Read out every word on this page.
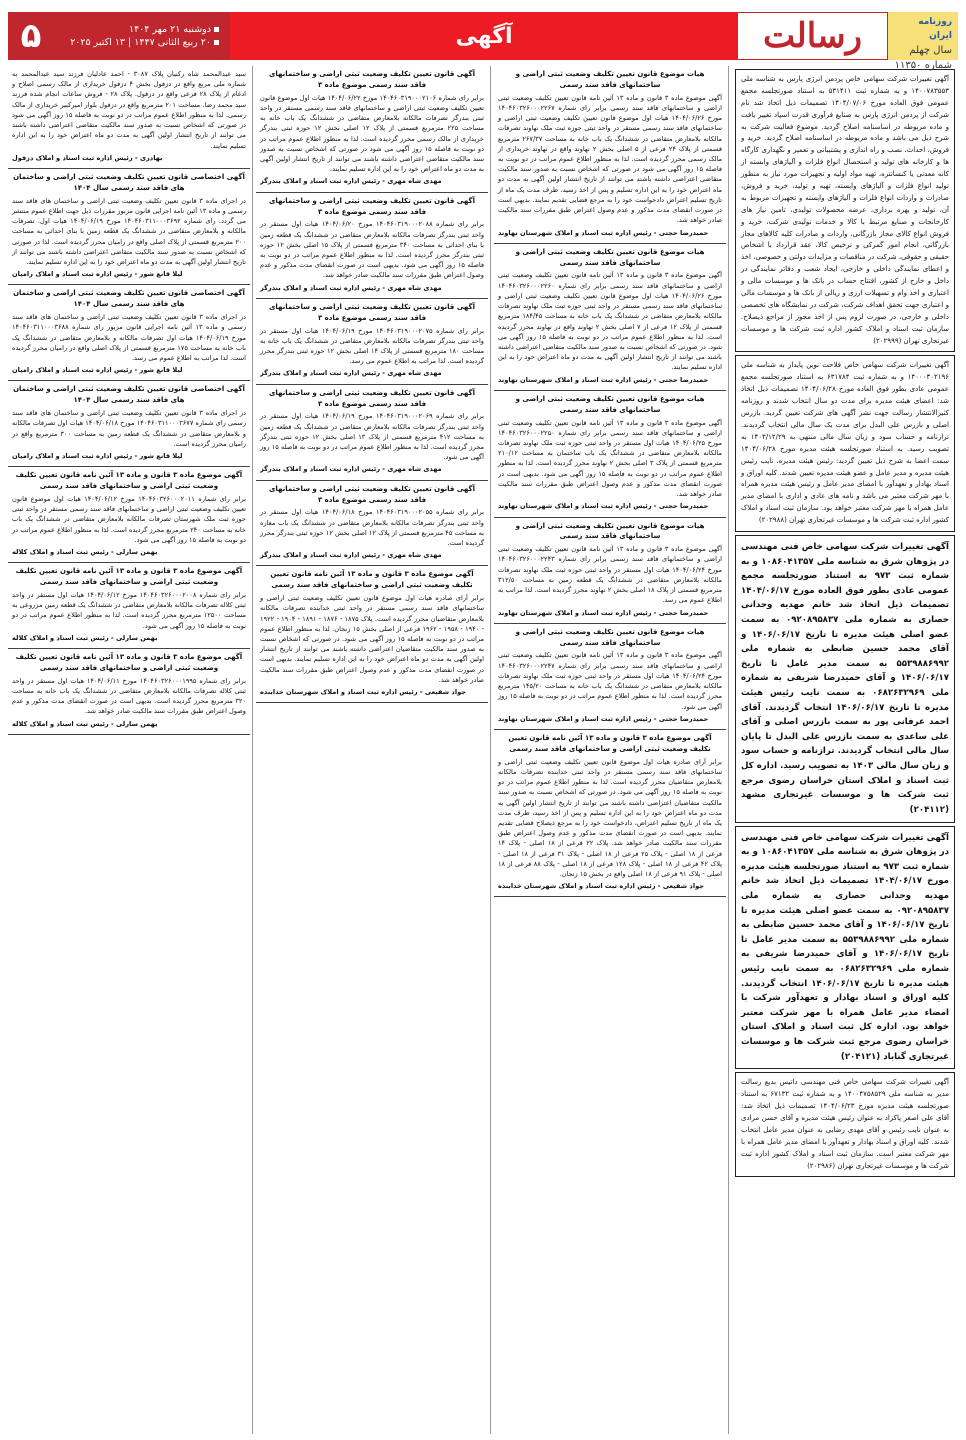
۵	دوشنبه ۲۱ مهر ۱۴۰۴
۲۰ ربیع الثانی ۱۴۴۷ | ۱۳ اکتبر ۲۰۲۵	آگهی	رسالت	روزنامه ایران
سال چهلم
شماره ۱۱۳۵۰
آگهی تغییرات شرکت سهامی خاص پردمن انرژی پارس به شناسه ملی ۱۴۰۰۷۸۳۵۵۳ و به شماره ثبت ۵۳۱۴۱۱ به استناد صورتجلسه مجمع عمومی فوق العاده مورخ ۱۴۰۴/۰۷/۰۶ تصمیمات ذیل اتخاذ شد نام شرکت از پردمن انرژی پارس به صنایع فرآوری قدرت اسپاد تغییر یافت و ماده مربوطه در اساسنامه اصلاح گردید. موضوع فعالیت شرکت به شرح ذیل می باشد و ماده مربوطه در اساسنامه اصلاح گردید. خرید و فروش، احداث، نصب و راه اندازی و پشتیبانی و تعمیر و نگهداری کارگاه ها و کارخانه های تولید و استحصال انواع فلزات و آلیاژهای وابسته از کانه معدنی یا کنسانتره، تهیه مواد اولیه و تجهیزات مورد نیاز به منظور تولید انواع فلزات و آلیاژهای وابسته، تهیه و تولید، خرید و فروش، صادرات و واردات انواع فلزات و آلیاژهای وابسته و تجهیزات مربوط به آن، تولید و بهره برداری، عرضه محصولات تولیدی، تامین نیاز های کارخانجات و صنایع مرتبط با کالا و خدمات تولیدی شرکت، خرید و فروش انواع کالای مجاز بازرگانی، واردات و صادرات کلیه کالاهای مجاز بازرگانی، انجام امور گمرکی و ترخیص کالا، عقد قرارداد با اشخاص حقیقی و حقوقی، شرکت در مناقصات و مزایدات دولتی و خصوصی، اخذ و اعطای نمایندگی داخلی و خارجی، ایجاد شعب و دفاتر نمایندگی در داخل و خارج از کشور، افتتاح حساب در بانک ها و موسسات مالی و اعتباری و اخذ وام و تسهیلات ارزی و ریالی از بانک ها و موسسات مالی و اعتباری جهت تحقق اهداف شرکت، شرکت در نمایشگاه های تخصصی داخلی و خارجی، در صورت لزوم پس از اخذ مجوز از مراجع ذیصلاح. سازمان ثبت اسناد و املاک کشور اداره ثبت شرکت ها و موسسات غیرتجاری تهران (۲۰۲۹۹۹)
آگهی تغییرات شرکت سهامی خاص فلاحت نوین پایدار به شناسه ملی ۱۴۰۰۰۳۰۲۱۹۶ و به شماره ثبت ۶۳۱۷۸۴ به استناد صورتجلسه مجمع عمومی عادی بطور فوق العاده مورخ ۱۴۰۴/۰۶/۲۸ تصمیمات ذیل اتخاذ شد: اعضای هیئت مدیره برای مدت دو سال انتخاب شدند و روزنامه کثیرالانتشار رسالت جهت نشر آگهی های شرکت تعیین گردید. بازرس اصلی و بازرس علی البدل برای مدت یک سال مالی انتخاب گردیدند. ترازنامه و حساب سود و زیان سال مالی منتهی به ۱۴۰۳/۱۲/۲۹ به تصویب رسید. به استناد صورتجلسه هیئت مدیره مورخ ۱۴۰۴/۰۶/۲۸ سمت اعضا به شرح ذیل تعیین گردید: رئیس هیئت مدیره، نایب رئیس هیئت مدیره و مدیر عامل و عضو هیئت مدیره تعیین شدند. کلیه اوراق و اسناد بهادار و تعهدآور با امضای مدیر عامل و رئیس هیئت مدیره همراه با مهر شرکت معتبر می باشد و نامه های عادی و اداری با امضای مدیر عامل همراه با مهر شرکت معتبر خواهد بود. سازمان ثبت اسناد و املاک کشور اداره ثبت شرکت ها و موسسات غیرتجاری تهران (۲۰۲۹۸۸)
آگهی تغییرات شرکت سهامی خاص فنی مهندسی در پژوهان شرق به شناسه ملی ۱۰۸۶۰۴۱۳۵۷ و به شماره ثبت ۹۷۳ به استناد صورتجلسه مجمع عمومی عادی بطور فوق العاده مورخ ۱۴۰۴/۰۶/۱۷ تصمیمات ذیل اتخاذ شد خانم مهدیه وحدانی حصاری به شماره ملی ۰۹۲۰۸۹۵۸۳۷ به سمت عضو اصلی هیئت مدیره تا تاریخ ۱۴۰۶/۰۶/۱۷ و آقای محمد حسین ضابطی به شماره ملی ۵۵۳۹۸۸۶۹۹۲ به سمت مدیر عامل تا تاریخ ۱۴۰۶/۰۶/۱۷ و آقای حمیدرضا شریفی به شماره ملی ۰۶۸۲۶۳۲۹۶۹ به سمت نایب رئیس هیئت مدیره تا تاریخ ۱۴۰۶/۰۶/۱۷ انتخاب گردیدند. آقای احمد عرفانی پور به سمت بازرس اصلی و آقای علی ساعدی به سمت بازرس علی البدل تا پایان سال مالی انتخاب گردیدند. ترازنامه و حساب سود و زیان سال مالی ۱۴۰۳ به تصویب رسید. اداره کل ثبت اسناد و املاک استان خراسان رضوی مرجع ثبت شرکت ها و موسسات غیرتجاری مشهد (۲۰۴۱۱۲)
آگهی تغییرات شرکت سهامی خاص فنی مهندسی در پژوهان شرق به شناسه ملی ۱۰۸۶۰۴۱۳۵۷ و به شماره ثبت ۹۷۳ به استناد صورتجلسه هیئت مدیره مورخ ۱۴۰۴/۰۶/۱۷ تصمیمات ذیل اتخاذ شد خانم مهدیه وحدانی حصاری به شماره ملی ۰۹۲۰۸۹۵۸۳۷ به سمت عضو اصلی هیئت مدیره تا تاریخ ۱۴۰۶/۰۶/۱۷ و آقای محمد حسین ضابطی به شماره ملی ۵۵۳۹۸۸۶۹۹۲ به سمت مدیر عامل تا تاریخ ۱۴۰۶/۰۶/۱۷ و آقای حمیدرضا شریفی به شماره ملی ۰۶۸۲۶۳۲۹۶۹ به سمت نایب رئیس هیئت مدیره تا تاریخ ۱۴۰۶/۰۶/۱۷ انتخاب گردیدند. کلیه اوراق و اسناد بهادار و تعهدآور شرکت با امضاء مدیر عامل همراه با مهر شرکت معتبر خواهد بود. اداره کل ثبت اسناد و املاک استان خراسان رضوی مرجع ثبت شرکت ها و موسسات غیرتجاری گناباد (۲۰۴۱۲۱)
آگهی تغییرات شرکت سهامی خاص فنی مهندسی داتیس بدیع رسالت مدیر به شناسه ملی ۱۴۰۰۴۷۵۸۵۲۹ و به شماره ثبت ۶۷۱۳۲ به استناد صورتجلسه هیئت مدیره مورخ ۱۴۰۴/۰۶/۲۳ تصمیمات ذیل اتخاذ شد: آقای علی اصغر پاکزاد به عنوان رئیس هیئت مدیره و آقای حسن مرادی به عنوان نایب رئیس و آقای مهدی رضایی به عنوان مدیر عامل انتخاب شدند. کلیه اوراق و اسناد بهادار و تعهدآور با امضای مدیر عامل همراه با مهر شرکت معتبر است. سازمان ثبت اسناد و املاک کشور اداره ثبت شرکت ها و موسسات غیرتجاری تهران (۲۰۲۹۸۶)
هیات موضوع قانون تعیین تکلیف وضعیت ثبتی اراضی و ساختمانهای فاقد سند رسمی
آگهی موضوع ماده ۳ قانون و ماده ۱۳ آئین نامه قانون تعیین تکلیف وضعیت ثبتی اراضی و ساختمانهای فاقد سند رسمی برابر رای شماره ۱۴۰۴۶۰۳۲۶۰۰۰۲۲۶۷ مورخ ۱۴۰۴/۰۶/۲۶ هیات اول موضوع قانون تعیین تکلیف وضعیت ثبتی اراضی و ساختمانهای فاقد سند رسمی مستقر در واحد ثبتی حوزه ثبت ملک نهاوند تصرفات مالکانه بلامعارض متقاضی در ششدانگ یک باب خانه به مساحت ۲۶۷/۳۷ مترمربع قسمتی از پلاک ۲۴ فرعی از ۵ اصلی بخش ۲ نهاوند واقع در نهاوند خریداری از مالک رسمی محرز گردیده است. لذا به منظور اطلاع عموم مراتب در دو نوبت به فاصله ۱۵ روز آگهی می شود در صورتی که اشخاص نسبت به صدور سند مالکیت متقاضی اعتراضی داشته باشند می توانند از تاریخ انتشار اولین آگهی به مدت دو ماه اعتراض خود را به این اداره تسلیم و پس از اخذ رسید، ظرف مدت یک ماه از تاریخ تسلیم اعتراض دادخواست خود را به مرجع قضایی تقدیم نمایند. بدیهی است در صورت انقضای مدت مذکور و عدم وصول اعتراض طبق مقررات سند مالکیت صادر خواهد شد.
حمیدرضا حجتی - رئیس اداره ثبت اسناد و املاک شهرستان نهاوند
هیات موضوع قانون تعیین تکلیف وضعیت ثبتی اراضی و ساختمانهای فاقد سند رسمی
آگهی موضوع ماده ۳ قانون و ماده ۱۳ آئین نامه قانون تعیین تکلیف وضعیت ثبتی اراضی و ساختمانهای فاقد سند رسمی برابر رای شماره ۱۴۰۴۶۰۳۲۶۰۰۰۲۲۶۰ مورخ ۱۴۰۴/۰۶/۲۶ هیات اول موضوع قانون تعیین تکلیف وضعیت ثبتی اراضی و ساختمانهای فاقد سند رسمی مستقر در واحد ثبتی حوزه ثبت ملک نهاوند تصرفات مالکانه بلامعارض متقاضی در ششدانگ یک باب خانه به مساحت ۱۸۴/۴۵ مترمربع قسمتی از پلاک ۱۲ فرعی از ۷ اصلی بخش ۲ نهاوند واقع در نهاوند محرز گردیده است. لذا به منظور اطلاع عموم مراتب در دو نوبت به فاصله ۱۵ روز آگهی می شود. در صورتی که اشخاص نسبت به صدور سند مالکیت متقاضی اعتراضی داشته باشند می توانند از تاریخ انتشار اولین آگهی به مدت دو ماه اعتراض خود را به این اداره تسلیم نمایند.
حمیدرضا حجتی - رئیس اداره ثبت اسناد و املاک شهرستان نهاوند
هیات موضوع قانون تعیین تکلیف وضعیت ثبتی اراضی و ساختمانهای فاقد سند رسمی
آگهی موضوع ماده ۳ قانون و ماده ۱۳ آئین نامه قانون تعیین تکلیف وضعیت ثبتی اراضی و ساختمانهای فاقد سند رسمی برابر رای شماره ۱۴۰۴۶۰۳۲۶۰۰۰۲۲۵۰ مورخ ۱۴۰۴/۰۶/۲۵ هیات اول مستقر در واحد ثبتی حوزه ثبت ملک نهاوند تصرفات مالکانه بلامعارض متقاضی در ششدانگ یک باب ساختمان به مساحت ۲۱۰/۱۲ مترمربع قسمتی از پلاک ۳ اصلی بخش ۲ نهاوند محرز گردیده است. لذا به منظور اطلاع عموم مراتب در دو نوبت به فاصله ۱۵ روز آگهی می شود. بدیهی است در صورت انقضای مدت مذکور و عدم وصول اعتراض طبق مقررات سند مالکیت صادر خواهد شد.
حمیدرضا حجتی - رئیس اداره ثبت اسناد و املاک شهرستان نهاوند
هیات موضوع قانون تعیین تکلیف وضعیت ثبتی اراضی و ساختمانهای فاقد سند رسمی
آگهی موضوع ماده ۳ قانون و ماده ۱۳ آئین نامه قانون تعیین تکلیف وضعیت ثبتی اراضی و ساختمانهای فاقد سند رسمی برابر رای شماره ۱۴۰۴۶۰۳۲۶۰۰۰۲۲۴۳ مورخ ۱۴۰۴/۰۶/۲۴ هیات اول مستقر در واحد ثبتی حوزه ثبت ملک نهاوند تصرفات مالکانه بلامعارض متقاضی در ششدانگ یک قطعه زمین به مساحت ۳۱۲/۵۰ مترمربع قسمتی از پلاک ۱۸ اصلی بخش ۲ نهاوند محرز گردیده است. لذا مراتب به اطلاع عموم می رسد.
حمیدرضا حجتی - رئیس اداره ثبت اسناد و املاک شهرستان نهاوند
هیات موضوع قانون تعیین تکلیف وضعیت ثبتی اراضی و ساختمانهای فاقد سند رسمی
آگهی موضوع ماده ۳ قانون و ماده ۱۳ آئین نامه قانون تعیین تکلیف وضعیت ثبتی اراضی و ساختمانهای فاقد سند رسمی برابر رای شماره ۱۴۰۴۶۰۳۲۶۰۰۰۲۲۴۷ مورخ ۱۴۰۴/۰۶/۲۴ هیات اول مستقر در واحد ثبتی حوزه ثبت ملک نهاوند تصرفات مالکانه بلامعارض متقاضی در ششدانگ یک باب خانه به مساحت ۱۴۵/۲۰ مترمربع محرز گردیده است. لذا به منظور اطلاع عموم مراتب در دو نوبت به فاصله ۱۵ روز آگهی می شود.
حمیدرضا حجتی - رئیس اداره ثبت اسناد و املاک شهرستان نهاوند
آگهی موضوع ماده ۳ قانون و ماده ۱۳ آئین نامه قانون تعیین تکلیف وضعیت ثبتی اراضی و ساختمانهای فاقد سند رسمی
برابر آرای صادره هیات اول موضوع قانون تعیین تکلیف وضعیت ثبتی اراضی و ساختمانهای فاقد سند رسمی مستقر در واحد ثبتی خدابنده تصرفات مالکانه بلامعارض متقاضیان محرز گردیده است. لذا به منظور اطلاع عموم مراتب در دو نوبت به فاصله ۱۵ روز آگهی می شود. در صورتی که اشخاص نسبت به صدور سند مالکیت متقاضیان اعتراضی داشته باشند می توانند از تاریخ انتشار اولین آگهی به مدت دو ماه اعتراض خود را به این اداره تسلیم و پس از اخذ رسید، ظرف مدت یک ماه از تاریخ تسلیم اعتراض، دادخواست خود را به مرجع ذیصلاح قضایی تقدیم نمایند. بدیهی است در صورت انقضای مدت مذکور و عدم وصول اعتراض طبق مقررات سند مالکیت صادر خواهد شد. پلاک ۲۲ فرعی از ۱۸ اصلی - پلاک ۱۴ فرعی از ۱۸ اصلی - پلاک ۲۵ فرعی از ۱۸ اصلی - پلاک ۳۱ فرعی از ۱۸ اصلی - پلاک ۴۲ فرعی از ۱۸ اصلی - پلاک ۱۲۸ فرعی از ۱۸ اصلی - پلاک ۸۸ فرعی از ۱۸ اصلی - پلاک ۹۱ فرعی از ۱۸ اصلی واقع در بخش ۱۵ زنجان.
جواد شفیعی - رئیس اداره ثبت اسناد و املاک شهرستان خدابنده
آگهی قانون تعیین تکلیف وضعیت ثبتی اراضی و ساختمانهای فاقد سند رسمی موضوع ماده ۳
برابر رای شماره ۱۴۰۴۶۰۳۱۹۰۰۰۲۱۰۶ مورخ ۱۴۰۴/۰۶/۲۲ هیات اول موضوع قانون تعیین تکلیف وضعیت ثبتی اراضی و ساختمانهای فاقد سند رسمی مستقر در واحد ثبتی بندرگز تصرفات مالکانه بلامعارض متقاضی در ششدانگ یک باب خانه به مساحت ۲۲۵ مترمربع قسمتی از پلاک ۱۲ اصلی بخش ۱۲ حوزه ثبتی بندرگز خریداری از مالک رسمی محرز گردیده است. لذا به منظور اطلاع عموم مراتب در دو نوبت به فاصله ۱۵ روز آگهی می شود در صورتی که اشخاص نسبت به صدور سند مالکیت متقاضی اعتراضی داشته باشند می توانند از تاریخ انتشار اولین آگهی به مدت دو ماه اعتراض خود را به این اداره تسلیم نمایند.
مهدی شاه مهری - رئیس اداره ثبت اسناد و املاک بندرگز
آگهی قانون تعیین تکلیف وضعیت ثبتی اراضی و ساختمانهای فاقد سند رسمی موضوع ماده ۳
برابر رای شماره ۱۴۰۴۶۰۳۱۹۰۰۰۲۰۸۸ مورخ ۱۴۰۴/۰۶/۲۰ هیات اول مستقر در واحد ثبتی بندرگز تصرفات مالکانه بلامعارض متقاضی در ششدانگ یک قطعه زمین با بنای احداثی به مساحت ۳۴۰ مترمربع قسمتی از پلاک ۱۵ اصلی بخش ۱۲ حوزه ثبتی بندرگز محرز گردیده است. لذا به منظور اطلاع عموم مراتب در دو نوبت به فاصله ۱۵ روز آگهی می شود. بدیهی است در صورت انقضای مدت مذکور و عدم وصول اعتراض طبق مقررات سند مالکیت صادر خواهد شد.
مهدی شاه مهری - رئیس اداره ثبت اسناد و املاک بندرگز
آگهی قانون تعیین تکلیف وضعیت ثبتی اراضی و ساختمانهای فاقد سند رسمی موضوع ماده ۳
برابر رای شماره ۱۴۰۴۶۰۳۱۹۰۰۰۲۰۷۵ مورخ ۱۴۰۴/۰۶/۱۹ هیات اول مستقر در واحد ثبتی بندرگز تصرفات مالکانه بلامعارض متقاضی در ششدانگ یک باب خانه به مساحت ۱۸۰ مترمربع قسمتی از پلاک ۱۴ اصلی بخش ۱۲ حوزه ثبتی بندرگز محرز گردیده است. لذا مراتب به اطلاع عموم می رسد.
مهدی شاه مهری - رئیس اداره ثبت اسناد و املاک بندرگز
آگهی قانون تعیین تکلیف وضعیت ثبتی اراضی و ساختمانهای فاقد سند رسمی موضوع ماده ۳
برابر رای شماره ۱۴۰۴۶۰۳۱۹۰۰۰۲۰۶۹ مورخ ۱۴۰۴/۰۶/۱۹ هیات اول مستقر در واحد ثبتی بندرگز تصرفات مالکانه بلامعارض متقاضی در ششدانگ یک قطعه زمین به مساحت ۴۱۲ مترمربع قسمتی از پلاک ۱۳ اصلی بخش ۱۲ حوزه ثبتی بندرگز محرز گردیده است. لذا به منظور اطلاع عموم مراتب در دو نوبت به فاصله ۱۵ روز آگهی می شود.
مهدی شاه مهری - رئیس اداره ثبت اسناد و املاک بندرگز
آگهی قانون تعیین تکلیف وضعیت ثبتی اراضی و ساختمانهای فاقد سند رسمی موضوع ماده ۳
برابر رای شماره ۱۴۰۴۶۰۳۱۹۰۰۰۲۰۵۵ مورخ ۱۴۰۴/۰۶/۱۸ هیات اول مستقر در واحد ثبتی بندرگز تصرفات مالکانه بلامعارض متقاضی در ششدانگ یک باب مغازه به مساحت ۴۵ مترمربع قسمتی از پلاک ۱۲ اصلی بخش ۱۲ حوزه ثبتی بندرگز محرز گردیده است.
مهدی شاه مهری - رئیس اداره ثبت اسناد و املاک بندرگز
آگهی موضوع ماده ۳ قانون و ماده ۱۳ آئین نامه قانون تعیین تکلیف وضعیت ثبتی اراضی و ساختمانهای فاقد سند رسمی
برابر آرای صادره هیات اول موضوع قانون تعیین تکلیف وضعیت ثبتی اراضی و ساختمانهای فاقد سند رسمی مستقر در واحد ثبتی خدابنده تصرفات مالکانه بلامعارض متقاضیان محرز گردیده است. پلاک ۱۸۷۵ - ۱۸۷۶ - ۱۸۹۱ - ۱۹۰۴ - ۱۹۲۲ - ۱۹۴۰ - ۱۹۵۸ - ۱۹۶۲ فرعی از اصلی بخش ۱۵ زنجان. لذا به منظور اطلاع عموم مراتب در دو نوبت به فاصله ۱۵ روز آگهی می شود. در صورتی که اشخاص نسبت به صدور سند مالکیت متقاضیان اعتراضی داشته باشند می توانند از تاریخ انتشار اولین آگهی به مدت دو ماه اعتراض خود را به این اداره تسلیم نمایند. بدیهی است در صورت انقضای مدت مذکور و عدم وصول اعتراض طبق مقررات سند مالکیت صادر خواهد شد.
جواد شفیعی - رئیس اداره ثبت اسناد و املاک شهرستان خدابنده
سید عبدالمحمد شاه رکنیان پلاک ۳۰۸۷ - احمد عادلیان فرزند سید عبدالمحمد به شماره ملی مربع واقع در دزفول بخش ۴ دزفول خریداری از مالک رسمی اصلاح و ادغام از پلاک ۲۸ فرعی واقع در دزفول. پلاک ۲۸ - فروش ساعات انجام شده فرزند سید محمد رضا. مساحت ۲۰۱ مترمربع واقع در دزفول بلوار امیرکبیر خریداری از مالک رسمی. لذا به منظور اطلاع عموم مراتب در دو نوبت به فاصله ۱۵ روز آگهی می شود در صورتی که اشخاص نسبت به صدور سند مالکیت متقاضی اعتراضی داشته باشند می توانند از تاریخ انتشار اولین آگهی به مدت دو ماه اعتراض خود را به این اداره تسلیم نمایند.
بهادری - رئیس اداره ثبت اسناد و املاک دزفول
آگهی اختصاصی قانون تعیین تکلیف وضعیت ثبتی اراضی و ساختمان های فاقد سند رسمی سال ۱۴۰۴
در اجرای ماده ۳ قانون تعیین تکلیف وضعیت ثبتی اراضی و ساختمان های فاقد سند رسمی و ماده ۱۳ آئین نامه اجرایی قانون مزبور مقررات ذیل جهت اطلاع عموم منتشر می گردد. رای شماره ۱۴۰۴۶۰۳۱۱۰۰۰۳۶۹۲ مورخ ۱۴۰۴/۰۶/۱۹ هیات اول. تصرفات مالکانه و بلامعارض متقاضی در ششدانگ یک قطعه زمین با بنای احداثی به مساحت ۲۰۰ مترمربع قسمتی از پلاک اصلی واقع در رامیان محرز گردیده است. لذا در صورتی که اشخاص نسبت به صدور سند مالکیت متقاضی اعتراضی داشته باشند می توانند از تاریخ انتشار اولین آگهی به مدت دو ماه اعتراض خود را به این اداره تسلیم نمایند.
لیلا قانع شور - رئیس اداره ثبت اسناد و املاک رامیان
آگهی اختصاصی قانون تعیین تکلیف وضعیت ثبتی اراضی و ساختمان های فاقد سند رسمی سال ۱۴۰۴
در اجرای ماده ۳ قانون تعیین تکلیف وضعیت ثبتی اراضی و ساختمان های فاقد سند رسمی و ماده ۱۳ آئین نامه اجرایی قانون مزبور رای شماره ۱۴۰۴۶۰۳۱۱۰۰۰۳۶۸۸ مورخ ۱۴۰۴/۰۶/۱۹ هیات اول تصرفات مالکانه و بلامعارض متقاضی در ششدانگ یک باب خانه به مساحت ۱۷۵ مترمربع قسمتی از پلاک اصلی واقع در رامیان محرز گردیده است. لذا مراتب به اطلاع عموم می رسد.
لیلا قانع شور - رئیس اداره ثبت اسناد و املاک رامیان
آگهی اختصاصی قانون تعیین تکلیف وضعیت ثبتی اراضی و ساختمان های فاقد سند رسمی سال ۱۴۰۴
در اجرای ماده ۳ قانون تعیین تکلیف وضعیت ثبتی اراضی و ساختمان های فاقد سند رسمی رای شماره ۱۴۰۴۶۰۳۱۱۰۰۰۳۶۷۷ مورخ ۱۴۰۴/۰۶/۱۸ هیات اول تصرفات مالکانه و بلامعارض متقاضی در ششدانگ یک قطعه زمین به مساحت ۳۰۰ مترمربع واقع در رامیان محرز گردیده است.
لیلا قانع شور - رئیس اداره ثبت اسناد و املاک رامیان
آگهی موضوع ماده ۳ قانون و ماده ۱۳ آئین نامه قانون تعیین تکلیف وضعیت ثبتی اراضی و ساختمانهای فاقد سند رسمی
برابر رای شماره ۱۴۰۴۶۰۳۲۶۰۰۰۲۰۱۱ مورخ ۱۴۰۴/۰۶/۱۲ هیات اول موضوع قانون تعیین تکلیف وضعیت ثبتی اراضی و ساختمانهای فاقد سند رسمی مستقر در واحد ثبتی حوزه ثبت ملک شهرستان تصرفات مالکانه بلامعارض متقاضی در ششدانگ یک باب خانه به مساحت ۲۴۰ مترمربع محرز گردیده است. لذا به منظور اطلاع عموم مراتب در دو نوبت به فاصله ۱۵ روز آگهی می شود.
بهمن سارلی - رئیس ثبت اسناد و املاک کلاله
آگهی موضوع ماده ۳ قانون و ماده ۱۳ آئین نامه قانون تعیین تکلیف وضعیت ثبتی اراضی و ساختمانهای فاقد سند رسمی
برابر رای شماره ۱۴۰۴۶۰۳۲۶۰۰۰۲۰۰۸ مورخ ۱۴۰۴/۰۶/۱۲ هیات اول مستقر در واحد ثبتی کلاله تصرفات مالکانه بلامعارض متقاضی در ششدانگ یک قطعه زمین مزروعی به مساحت ۱۲۵۰۰ مترمربع محرز گردیده است. لذا به منظور اطلاع عموم مراتب در دو نوبت به فاصله ۱۵ روز آگهی می شود.
بهمن سارلی - رئیس ثبت اسناد و املاک کلاله
آگهی موضوع ماده ۳ قانون و ماده ۱۳ آئین نامه قانون تعیین تکلیف وضعیت ثبتی اراضی و ساختمانهای فاقد سند رسمی
برابر رای شماره ۱۴۰۴۶۰۳۲۶۰۰۰۱۹۹۵ مورخ ۱۴۰۴/۰۶/۱۱ هیات اول مستقر در واحد ثبتی کلاله تصرفات مالکانه بلامعارض متقاضی در ششدانگ یک باب خانه به مساحت ۳۲۰ مترمربع محرز گردیده است. بدیهی است در صورت انقضای مدت مذکور و عدم وصول اعتراض طبق مقررات سند مالکیت صادر خواهد شد.
بهمن سارلی - رئیس ثبت اسناد و املاک کلاله
